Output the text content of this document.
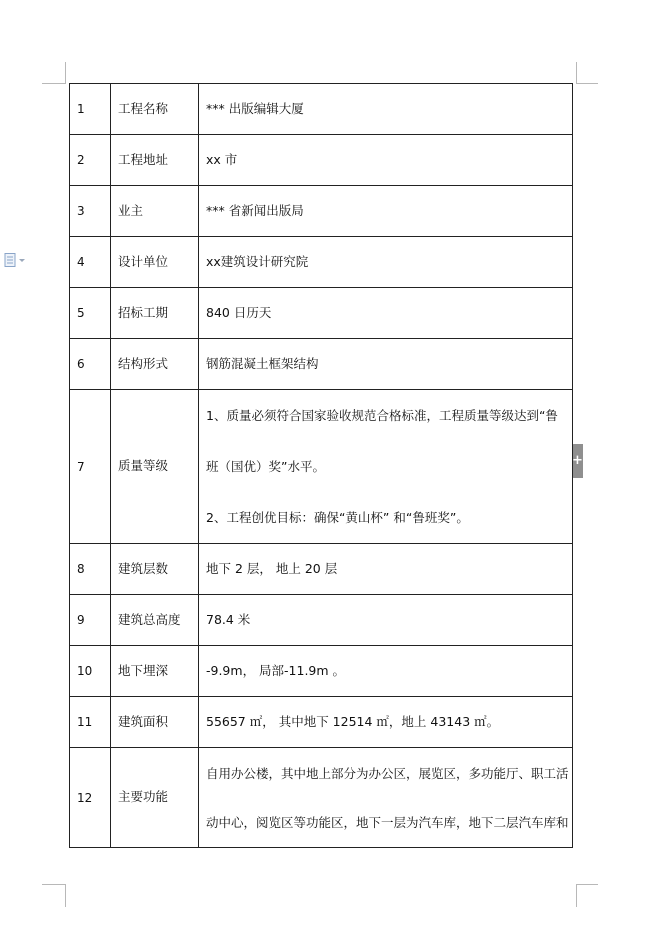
+
1	工程名称	*** 出版编辑大厦
2	工程地址	xx 市
3	业主	*** 省新闻出版局
4	设计单位	xx建筑设计研究院
5	招标工期	840 日历天
6	结构形式	钢筋混凝土框架结构
7	质量等级	1、质量必须符合国家验收规范合格标准，工程质量等级达到“鲁
班（国优）奖”水平。
2、工程创优目标：确保“黄山杯” 和“鲁班奖”。

8	建筑层数	地下 2 层， 地上 20 层
9	建筑总高度	78.4 米
10	地下埋深	-9.9m， 局部-11.9m 。
11	建筑面积	55657 ㎡， 其中地下 12514 ㎡，地上 43143 ㎡。
12	主要功能	自用办公楼，其中地上部分为办公区，展览区，多功能厅、职工活
动中心，阅览区等功能区，地下一层为汽车库，地下二层汽车库和
